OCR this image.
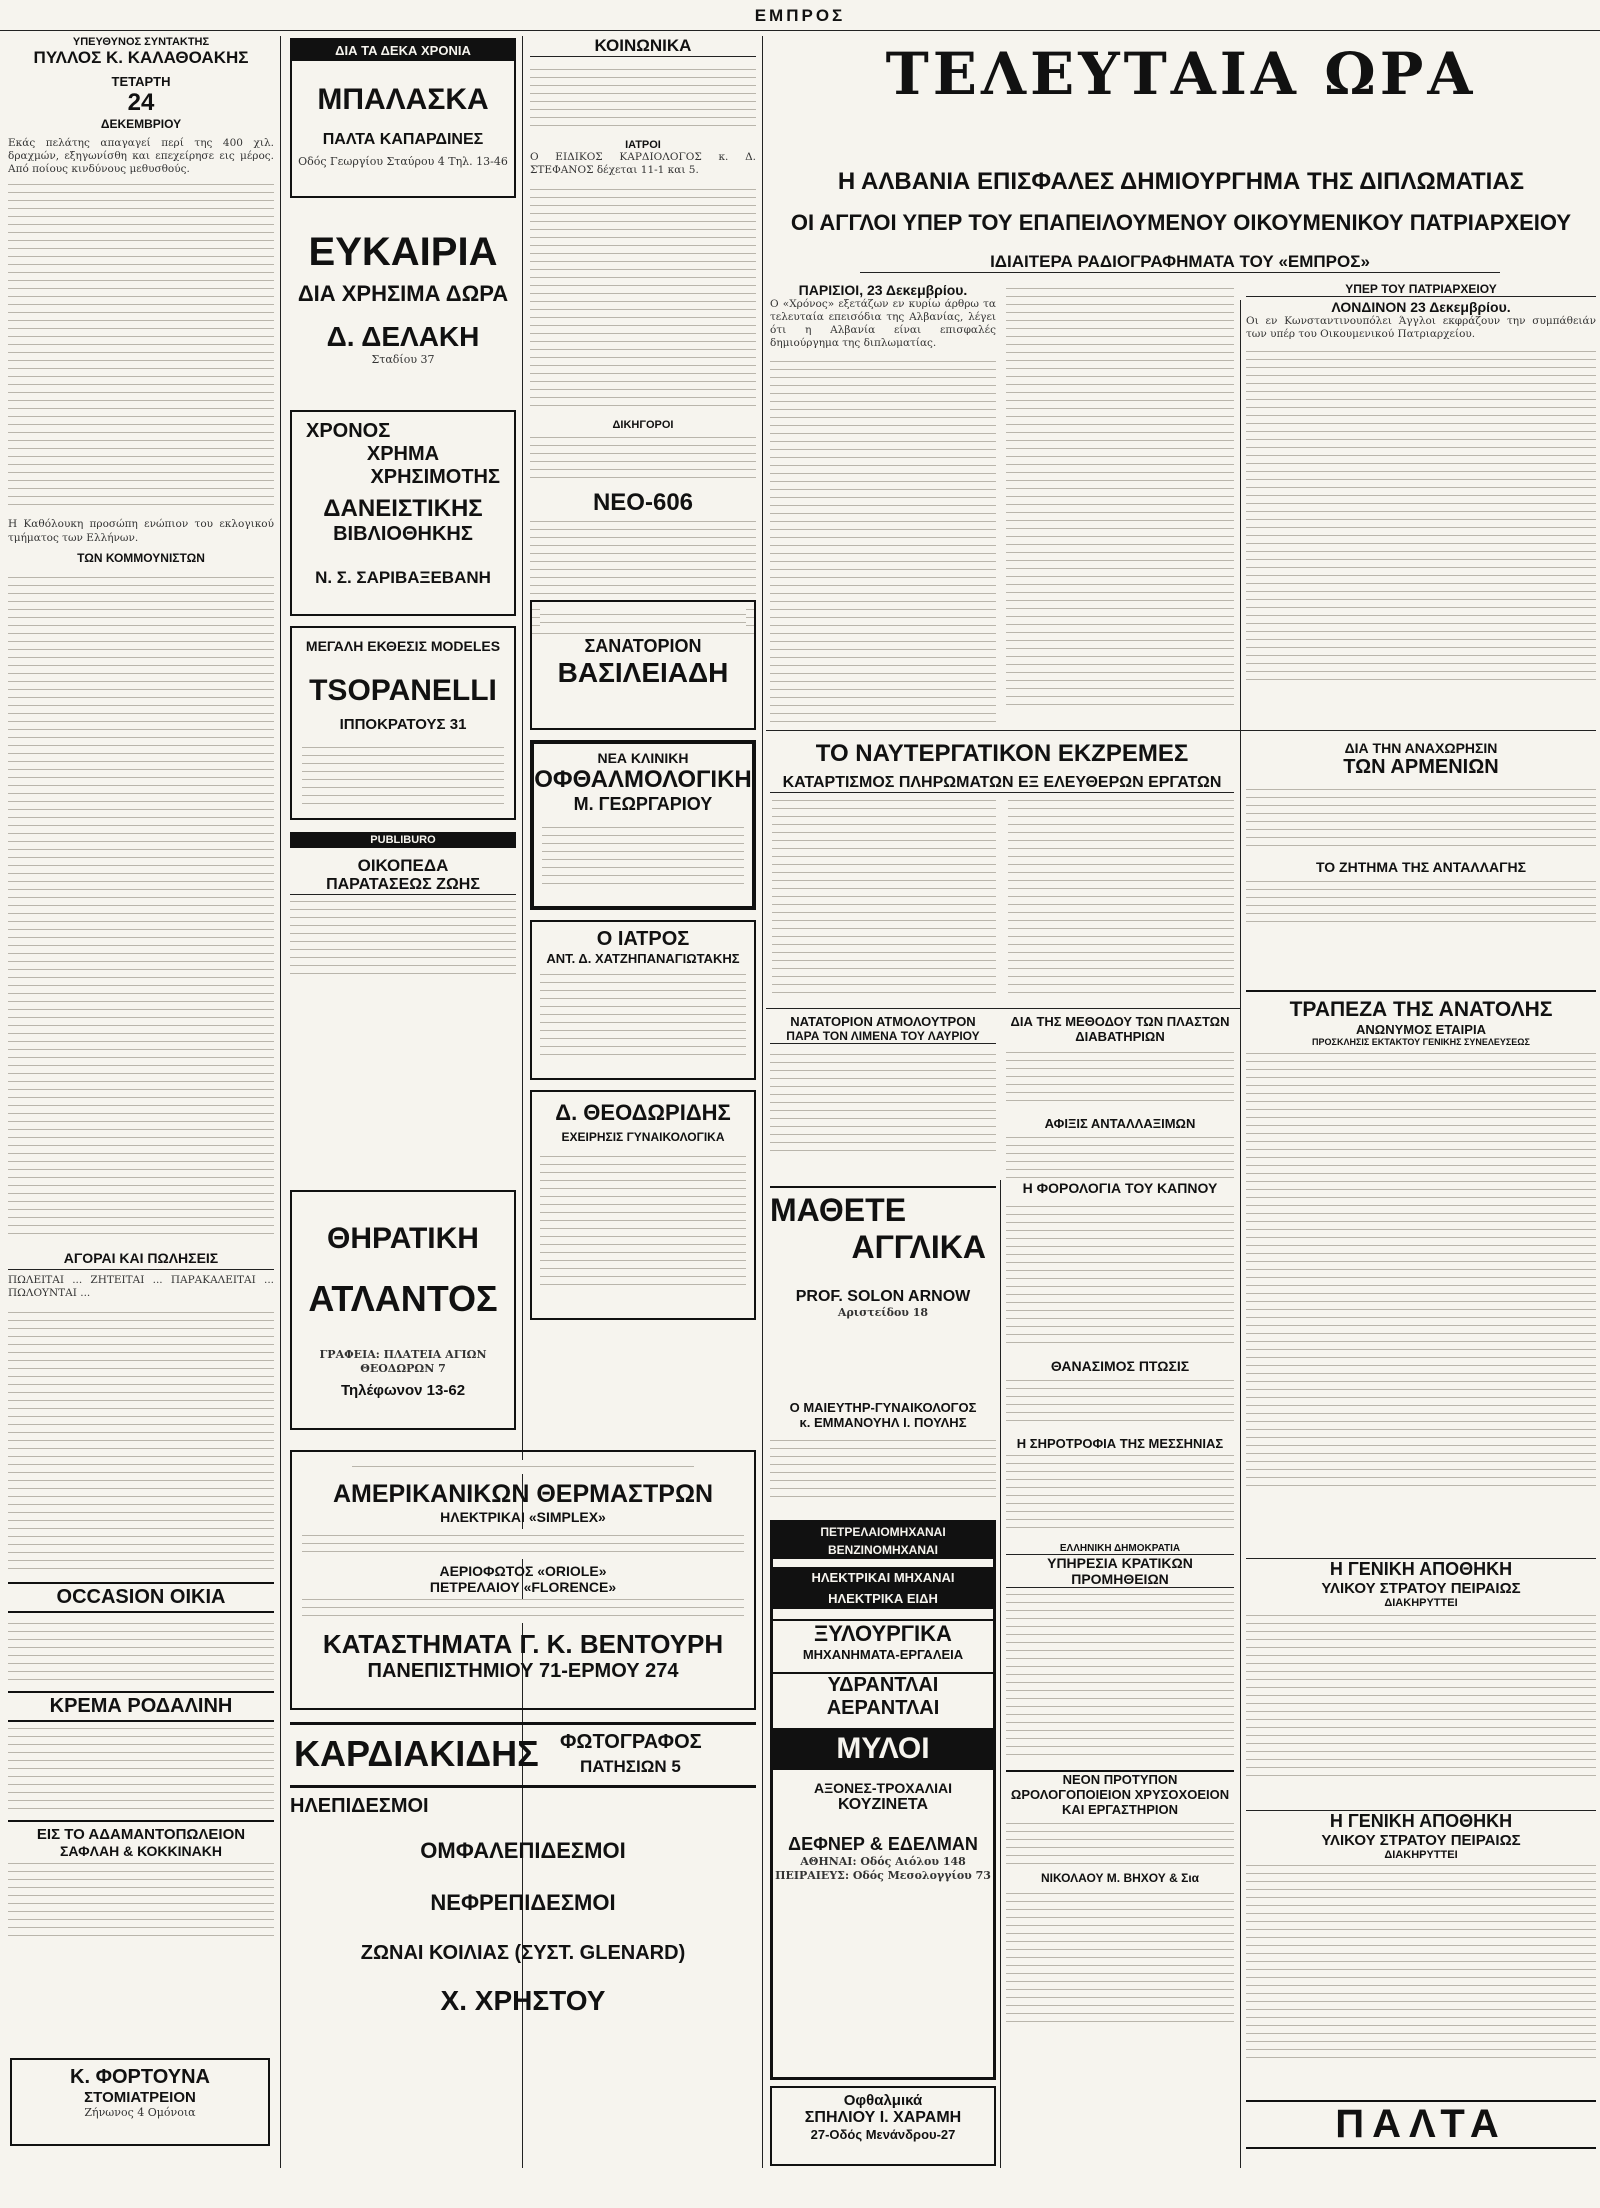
ΕΜΠΡΟΣ
ΥΠΕΥΘΥΝΟΣ ΣΥΝΤΑΚΤΗΣ
ΠΥΛΛΟΣ Κ. ΚΑΛΑΘΟΑΚΗΣ
ΤΕΤΑΡΤΗ
24
ΔΕΚΕΜΒΡΙΟΥ

Εκάς πελάτης απαγαγεί περί της 400 χιλ. δραχμών, εξηγωνίσθη και επεχείρησε εις μέρος. Από ποίους κινδύνους μεθυσθούς.

Η Καθόλουκη προσώπη ενώπιον του εκλογικού τμήματος των Ελλήνων.

ΤΩΝ ΚΟΜΜΟΥΝΙΣΤΩΝ
ΑΓΟΡΑΙ ΚΑΙ ΠΩΛΗΣΕΙΣ

ΠΩΛΕΙΤΑΙ ... ΖΗΤΕΙΤΑΙ ... ΠΑΡΑΚΑΛΕΙΤΑΙ ... ΠΩΛΟΥΝΤΑΙ ...

OCCASION ΟΙΚΙΑ
ΚΡΕΜΑ ΡΟΔΑΛΙΝΗ
ΕΙΣ ΤΟ ΑΔΑΜΑΝΤΟΠΩΛΕΙΟΝ
ΣΑΦΛΑΗ & ΚΟΚΚΙΝΑΚΗ
Κ. ΦΟΡΤΟΥΝΑ
ΣΤΟΜΙΑΤΡΕΙΟΝ
Ζήνωνος 4 Ομόνοια
ΔΙΑ ΤΑ ΔΕΚΑ ΧΡΟΝΙΑ
ΜΠΑΛΑΣΚΑ
ΠΑΛΤΑ ΚΑΠΑΡΔΙΝΕΣ
Οδός Γεωργίου Σταύρου 4 Τηλ. 13-46
ΕΥΚΑΙΡΙΑ
ΔΙΑ ΧΡΗΣΙΜΑ ΔΩΡΑ
Δ. ΔΕΛΑΚΗ
Σταδίου 37
ΧΡΟΝΟΣ
ΧΡΗΜΑ
ΧΡΗΣΙΜΟΤΗΣ
ΔΑΝΕΙΣΤΙΚΗΣ
ΒΙΒΛΙΟΘΗΚΗΣ
Ν. Σ. ΣΑΡΙΒΑΞΕΒΑΝΗ
ΜΕΓΑΛΗ ΕΚΘΕΣΙΣ MODELES
TSOPANELLI
ΙΠΠΟΚΡΑΤΟΥΣ 31
PUBLIBURO
ΟΙΚΟΠΕΔΑ
ΠΑΡΑΤΑΣΕΩΣ ΖΩΗΣ
ΘΗΡΑΤΙΚΗ
ΑΤΛΑΝΤΟΣ
ΓΡΑΦΕΙΑ: ΠΛΑΤΕΙΑ ΑΓΙΩΝ ΘΕΟΔΩΡΩΝ 7
Τηλέφωνον 13-62
ΚΟΙΝΩΝΙΚΑ
ΙΑΤΡΟΙ

Ο ΕΙΔΙΚΟΣ ΚΑΡΔΙΟΛΟΓΟΣ κ. Δ. ΣΤΕΦΑΝΟΣ δέχεται 11-1 και 5.

ΔΙΚΗΓΟΡΟΙ
ΝΕΟ-606
ΣΑΝΑΤΟΡΙΟΝ
ΒΑΣΙΛΕΙΑΔΗ
ΝΕΑ ΚΛΙΝΙΚΗ
ΟΦΘΑΛΜΟΛΟΓΙΚΗ
Μ. ΓΕΩΡΓΑΡΙΟΥ
Ο ΙΑΤΡΟΣ
ΑΝΤ. Δ. ΧΑΤΖΗΠΑΝΑΓΙΩΤΑΚΗΣ
Δ. ΘΕΟΔΩΡΙΔΗΣ
ΕΧΕΙΡΗΣΙΣ ΓΥΝΑΙΚΟΛΟΓΙΚΑ
ΑΜΕΡΙΚΑΝΙΚΩΝ ΘΕΡΜΑΣΤΡΩΝ
ΗΛΕΚΤΡΙΚΑΙ «SIMPLEX»
ΑΕΡΙΟΦΩΤΟΣ «ORIOLE»
ΠΕΤΡΕΛΑΙΟΥ «FLORENCE»
ΚΑΤΑΣΤΗΜΑΤΑ Γ. Κ. ΒΕΝΤΟΥΡΗ
ΠΑΝΕΠΙΣΤΗΜΙΟΥ 71-ΕΡΜΟΥ 274
ΚΑΡΔΙΑΚΙΔΗΣ ΦΩΤΟΓΡΑΦΟΣ
ΠΑΤΗΣΙΩΝ 5
ΗΛΕΠΙΔΕΣΜΟΙ
ΟΜΦΑΛΕΠΙΔΕΣΜΟΙ
ΝΕΦΡΕΠΙΔΕΣΜΟΙ
ΖΩΝΑΙ ΚΟΙΛΙΑΣ (ΣΥΣΤ. GLENARD)
Χ. ΧΡΗΣΤΟΥ
ΤΕΛΕΥΤΑΙΑ ΩΡΑ
Η ΑΛΒΑΝΙΑ ΕΠΙΣΦΑΛΕΣ ΔΗΜΙΟΥΡΓΗΜΑ ΤΗΣ ΔΙΠΛΩΜΑΤΙΑΣ
ΟΙ ΑΓΓΛΟΙ ΥΠΕΡ ΤΟΥ ΕΠΑΠΕΙΛΟΥΜΕΝΟΥ ΟΙΚΟΥΜΕΝΙΚΟΥ ΠΑΤΡΙΑΡΧΕΙΟΥ
ΙΔΙΑΙΤΕΡΑ ΡΑΔΙΟΓΡΑΦΗΜΑΤΑ ΤΟΥ «ΕΜΠΡΟΣ»
ΠΑΡΙΣΙΟΙ, 23 Δεκεμβρίου.

Ο «Χρόνος» εξετάζων εν κυρίω άρθρω τα τελευταία επεισόδια της Αλβανίας, λέγει ότι η Αλβανία είναι επισφαλές δημιούργημα της διπλωματίας.

ΥΠΕΡ ΤΟΥ ΠΑΤΡΙΑΡΧΕΙΟΥ
ΛΟΝΔΙΝΟΝ 23 Δεκεμβρίου.

Οι εν Κωνσταντινουπόλει Άγγλοι εκφράζουν την συμπάθειάν των υπέρ του Οικουμενικού Πατριαρχείου.

ΤΟ ΝΑΥΤΕΡΓΑΤΙΚΟΝ ΕΚΖΡΕΜΕΣ
ΚΑΤΑΡΤΙΣΜΟΣ ΠΛΗΡΩΜΑΤΩΝ ΕΞ ΕΛΕΥΘΕΡΩΝ ΕΡΓΑΤΩΝ
ΔΙΑ ΤΗΝ ΑΝΑΧΩΡΗΣΙΝ
ΤΩΝ ΑΡΜΕΝΙΩΝ
ΤΟ ΖΗΤΗΜΑ ΤΗΣ ΑΝΤΑΛΛΑΓΗΣ
ΝΑΤΑΤΟΡΙΟΝ ΑΤΜΟΛΟΥΤΡΟΝ
ΠΑΡΑ ΤΟΝ ΛΙΜΕΝΑ ΤΟΥ ΛΑΥΡΙΟΥ
ΔΙΑ ΤΗΣ ΜΕΘΟΔΟΥ ΤΩΝ ΠΛΑΣΤΩΝ ΔΙΑΒΑΤΗΡΙΩΝ
ΑΦΙΞΙΣ ΑΝΤΑΛΛΑΞΙΜΩΝ
ΤΡΑΠΕΖΑ ΤΗΣ ΑΝΑΤΟΛΗΣ
ΑΝΩΝΥΜΟΣ ΕΤΑΙΡΙΑ
ΠΡΟΣΚΛΗΣΙΣ ΕΚΤΑΚΤΟΥ ΓΕΝΙΚΗΣ ΣΥΝΕΛΕΥΣΕΩΣ
ΜΑΘΕΤΕ
ΑΓΓΛΙΚΑ
PROF. SOLON ARNOW
Αριστείδου 18
Ο ΜΑΙΕΥΤΗΡ-ΓΥΝΑΙΚΟΛΟΓΟΣ
κ. ΕΜΜΑΝΟΥΗΛ Ι. ΠΟΥΛΗΣ
Η ΦΟΡΟΛΟΓΙΑ ΤΟΥ ΚΑΠΝΟΥ
ΘΑΝΑΣΙΜΟΣ ΠΤΩΣΙΣ
Η ΣΗΡΟΤΡΟΦΙΑ ΤΗΣ ΜΕΣΣΗΝΙΑΣ
ΕΛΛΗΝΙΚΗ ΔΗΜΟΚΡΑΤΙΑ
ΥΠΗΡΕΣΙΑ ΚΡΑΤΙΚΩΝ ΠΡΟΜΗΘΕΙΩΝ
ΝΕΟΝ ΠΡΟΤΥΠΟΝ ΩΡΟΛΟΓΟΠΟΙΕΙΟΝ ΧΡΥΣΟΧΟΕΙΟΝ ΚΑΙ ΕΡΓΑΣΤΗΡΙΟΝ
ΝΙΚΟΛΑΟΥ Μ. ΒΗΧΟΥ & Σια
ΠΕΤΡΕΛΑΙΟΜΗΧΑΝΑΙ
ΒΕΝΖΙΝΟΜΗΧΑΝΑΙ
ΗΛΕΚΤΡΙΚΑΙ ΜΗΧΑΝΑΙ
ΗΛΕΚΤΡΙΚΑ ΕΙΔΗ
ΞΥΛΟΥΡΓΙΚΑ
ΜΗΧΑΝΗΜΑΤΑ-ΕΡΓΑΛΕΙΑ
ΥΔΡΑΝΤΛΑΙ
ΑΕΡΑΝΤΛΑΙ
ΜΥΛΟΙ
ΑΞΟΝΕΣ-ΤΡΟΧΑΛΙΑΙ
ΚΟΥΖΙΝΕΤΑ
ΔΕΦΝΕΡ & ΕΔΕΛΜΑΝ
ΑΘΗΝΑΙ: Οδός Αιόλου 148
ΠΕΙΡΑΙΕΥΣ: Οδός Μεσολογγίου 73
Οφθαλμικά
ΣΠΗΛΙΟΥ Ι. ΧΑΡΑΜΗ
27-Οδός Μενάνδρου-27
Η ΓΕΝΙΚΗ ΑΠΟΘΗΚΗ
ΥΛΙΚΟΥ ΣΤΡΑΤΟΥ ΠΕΙΡΑΙΩΣ
ΔΙΑΚΗΡΥΤΤΕΙ
Η ΓΕΝΙΚΗ ΑΠΟΘΗΚΗ
ΥΛΙΚΟΥ ΣΤΡΑΤΟΥ ΠΕΙΡΑΙΩΣ
ΔΙΑΚΗΡΥΤΤΕΙ
ΠΑΛΤΑ
